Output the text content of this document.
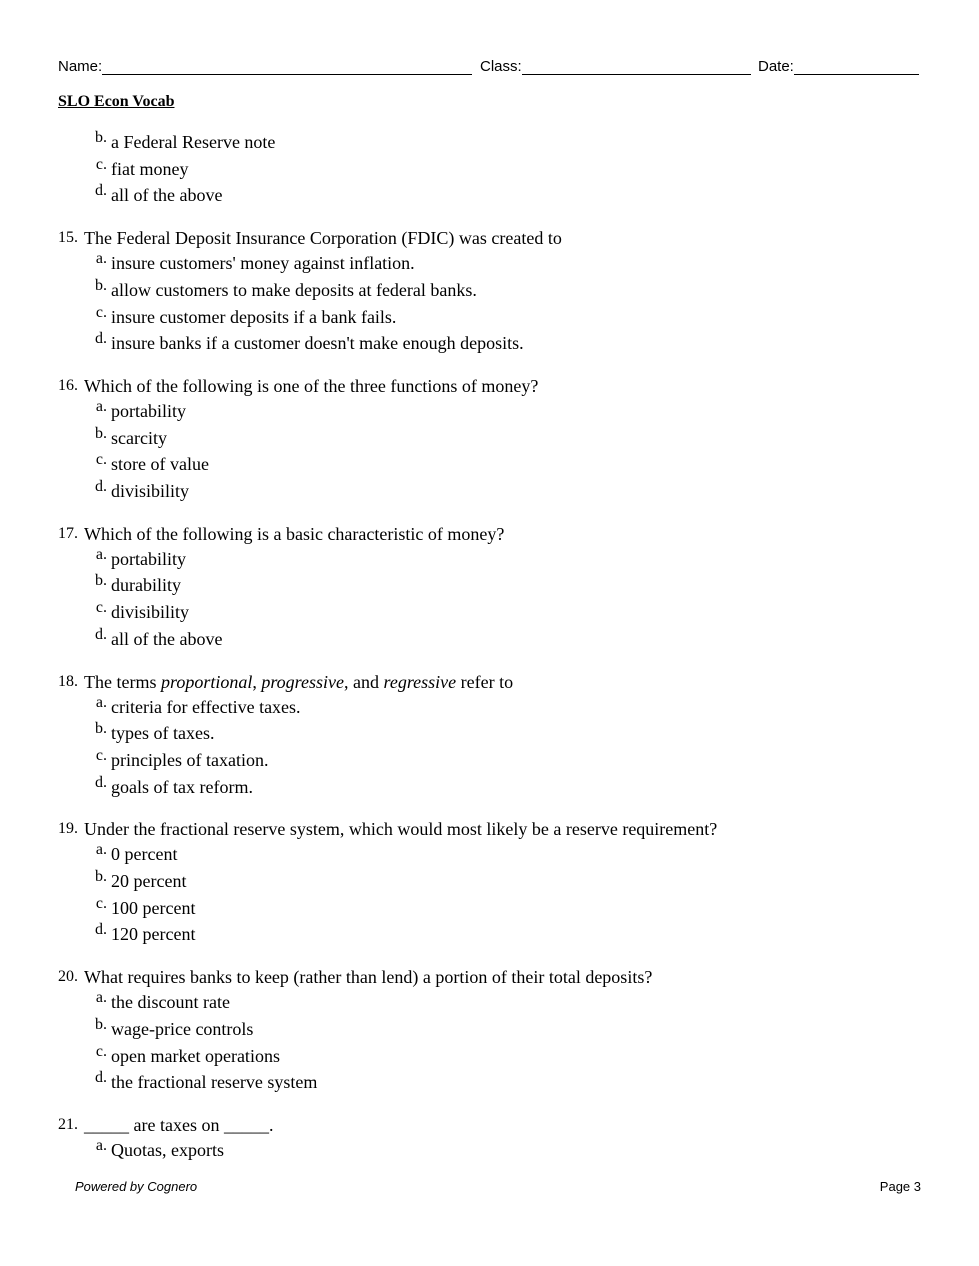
Name:	Class:	Date:
SLO Econ Vocab
b. a Federal Reserve note
c. fiat money
d. all of the above
15. The Federal Deposit Insurance Corporation (FDIC) was created to
a. insure customers' money against inflation.
b. allow customers to make deposits at federal banks.
c. insure customer deposits if a bank fails.
d. insure banks if a customer doesn't make enough deposits.
16. Which of the following is one of the three functions of money?
a. portability
b. scarcity
c. store of value
d. divisibility
17. Which of the following is a basic characteristic of money?
a. portability
b. durability
c. divisibility
d. all of the above
18. The terms proportional, progressive, and regressive refer to
a. criteria for effective taxes.
b. types of taxes.
c. principles of taxation.
d. goals of tax reform.
19. Under the fractional reserve system, which would most likely be a reserve requirement?
a. 0 percent
b. 20 percent
c. 100 percent
d. 120 percent
20. What requires banks to keep (rather than lend) a portion of their total deposits?
a. the discount rate
b. wage-price controls
c. open market operations
d. the fractional reserve system
21. _____ are taxes on _____.
a. Quotas, exports
Powered by Cognero	Page 3
